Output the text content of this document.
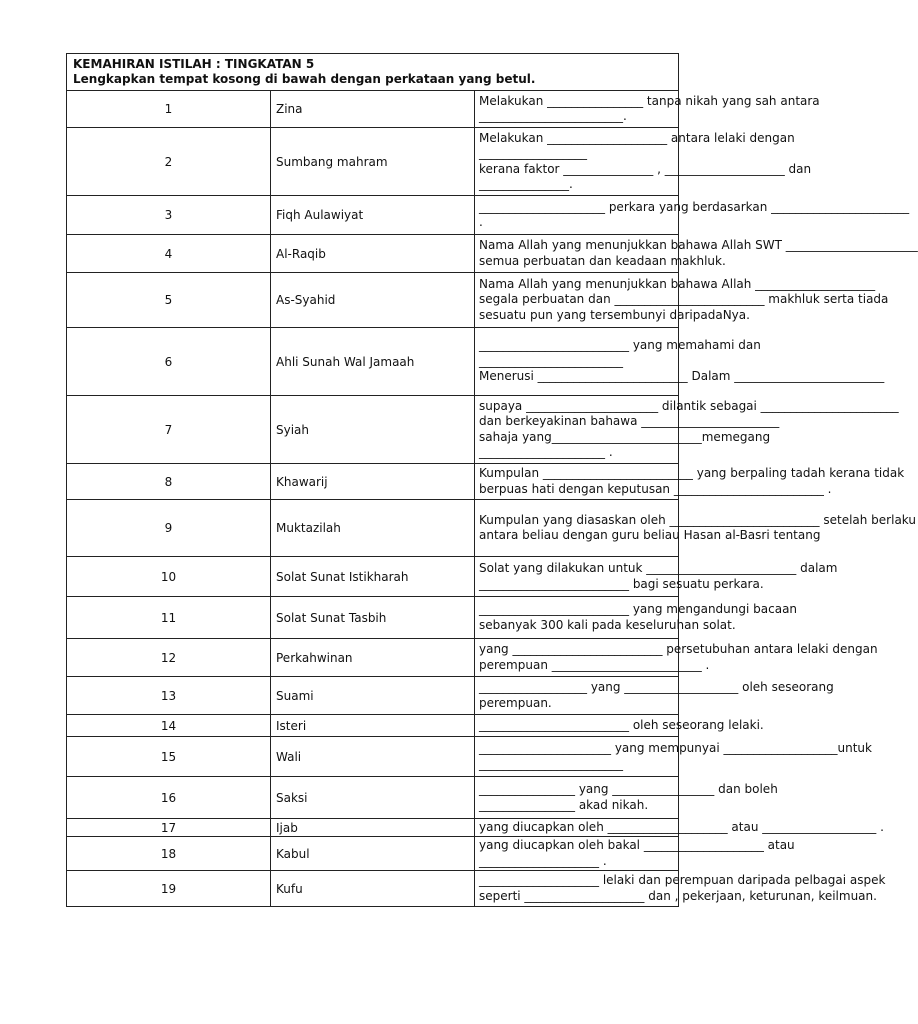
KEMAHIRAN ISTILAH : TINGKATAN 5
Lengkapkan tempat kosong di bawah dengan perkataan yang betul.		

1	Zina	Melakukan ________________ tanpa nikah yang sah antara
________________________.

2	Sumbang mahram	Melakukan ____________________ antara lelaki dengan
__________________
kerana faktor _______________ , ____________________ dan
_______________.

3	Fiqh Aulawiyat	_____________________ perkara yang berdasarkan _______________________
.

4	Al-Raqib	Nama Allah yang menunjukkan bahawa Allah SWT ______________________
semua perbuatan dan keadaan makhluk.

5	As-Syahid	Nama Allah yang menunjukkan bahawa Allah ____________________
segala perbuatan dan _________________________ makhluk serta tiada
sesuatu pun yang tersembunyi daripadaNya.

6	Ahli Sunah Wal Jamaah	_________________________ yang memahami dan
________________________
Menerusi _________________________ Dalam _________________________

7	Syiah	supaya ______________________ dilantik sebagai _______________________
dan berkeyakinan bahawa _______________________
sahaja yang_________________________memegang
_____________________ .

8	Khawarij	Kumpulan _________________________ yang berpaling tadah kerana tidak
berpuas hati dengan keputusan _________________________ .

9	Muktazilah	Kumpulan yang diasaskan oleh _________________________ setelah berlaku
antara beliau dengan guru beliau Hasan al-Basri tentang

10	Solat Sunat Istikharah	Solat yang dilakukan untuk _________________________ dalam
_________________________ bagi sesuatu perkara.

11	Solat Sunat Tasbih	_________________________ yang mengandungi bacaan
sebanyak 300 kali pada keseluruhan solat.

12	Perkahwinan	yang _________________________ persetubuhan antara lelaki dengan
perempuan _________________________ .

13	Suami	__________________ yang ___________________ oleh seseorang
perempuan.

14	Isteri	_________________________ oleh seseorang lelaki.

15	Wali	______________________ yang mempunyai ___________________untuk
________________________

16	Saksi	________________ yang _________________ dan boleh
________________ akad nikah.

17	Ijab	yang diucapkan oleh ____________________ atau ___________________ .

18	Kabul	yang diucapkan oleh bakal ____________________ atau
____________________ .

19	Kufu	____________________ lelaki dan perempuan daripada pelbagai aspek
seperti ____________________ dan , pekerjaan, keturunan, keilmuan.
